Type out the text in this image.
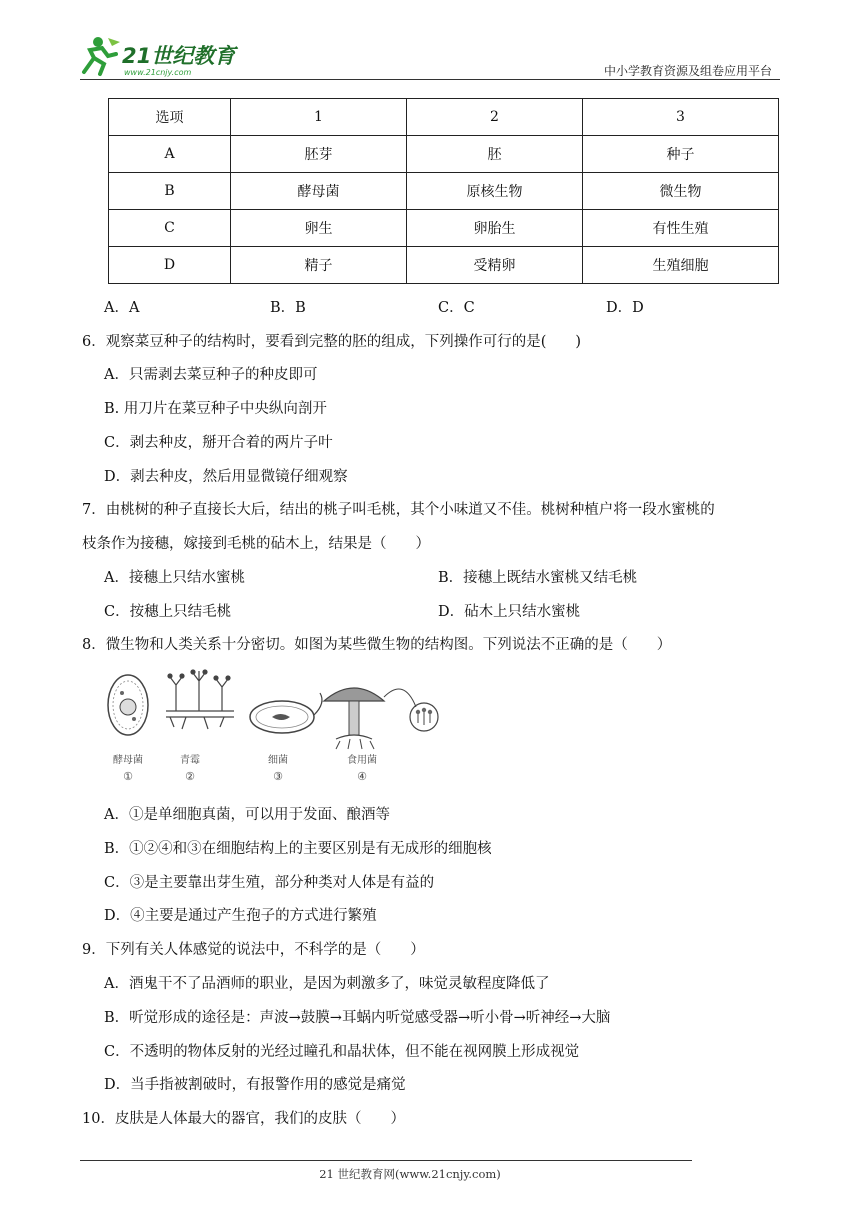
21世纪教育
www.21cnjy.com	中小学教育资源及组卷应用平台
选项	1	2	3
A	胚芽	胚	种子
B	酵母菌	原核生物	微生物
C	卵生	卵胎生	有性生殖
D	精子	受精卵	生殖细胞
A．A	B．B	C．C	D．D
6．观察菜豆种子的结构时，要看到完整的胚的组成，下列操作可行的是(　　)
A．只需剥去菜豆种子的种皮即可
B. 用刀片在菜豆种子中央纵向剖开
C．剥去种皮，掰开合着的两片子叶
D．剥去种皮，然后用显微镜仔细观察
7．由桃树的种子直接长大后，结出的桃子叫毛桃，其个小味道又不佳。桃树种植户将一段水蜜桃的
枝条作为接穗，嫁接到毛桃的砧木上，结果是（　　）
A．接穗上只结水蜜桃	B．接穗上既结水蜜桃又结毛桃
C．按穗上只结毛桃	D．砧木上只结水蜜桃
8．微生物和人类关系十分密切。如图为某些微生物的结构图。下列说法不正确的是（　　）
酵母菌	青霉	细菌	食用菌
①	②	③	④
A．①是单细胞真菌，可以用于发面、酿酒等
B．①②④和③在细胞结构上的主要区别是有无成形的细胞核
C．③是主要靠出芽生殖，部分种类对人体是有益的
D．④主要是通过产生孢子的方式进行繁殖
9．下列有关人体感觉的说法中，不科学的是（　　）
A．酒鬼干不了品酒师的职业，是因为刺激多了，味觉灵敏程度降低了
B．听觉形成的途径是：声波→鼓膜→耳蜗内听觉感受器→听小骨→听神经→大脑
C．不透明的物体反射的光经过瞳孔和晶状体，但不能在视网膜上形成视觉
D．当手指被割破时，有报警作用的感觉是痛觉
10．皮肤是人体最大的器官，我们的皮肤（　　）
21 世纪教育网(www.21cnjy.com)
